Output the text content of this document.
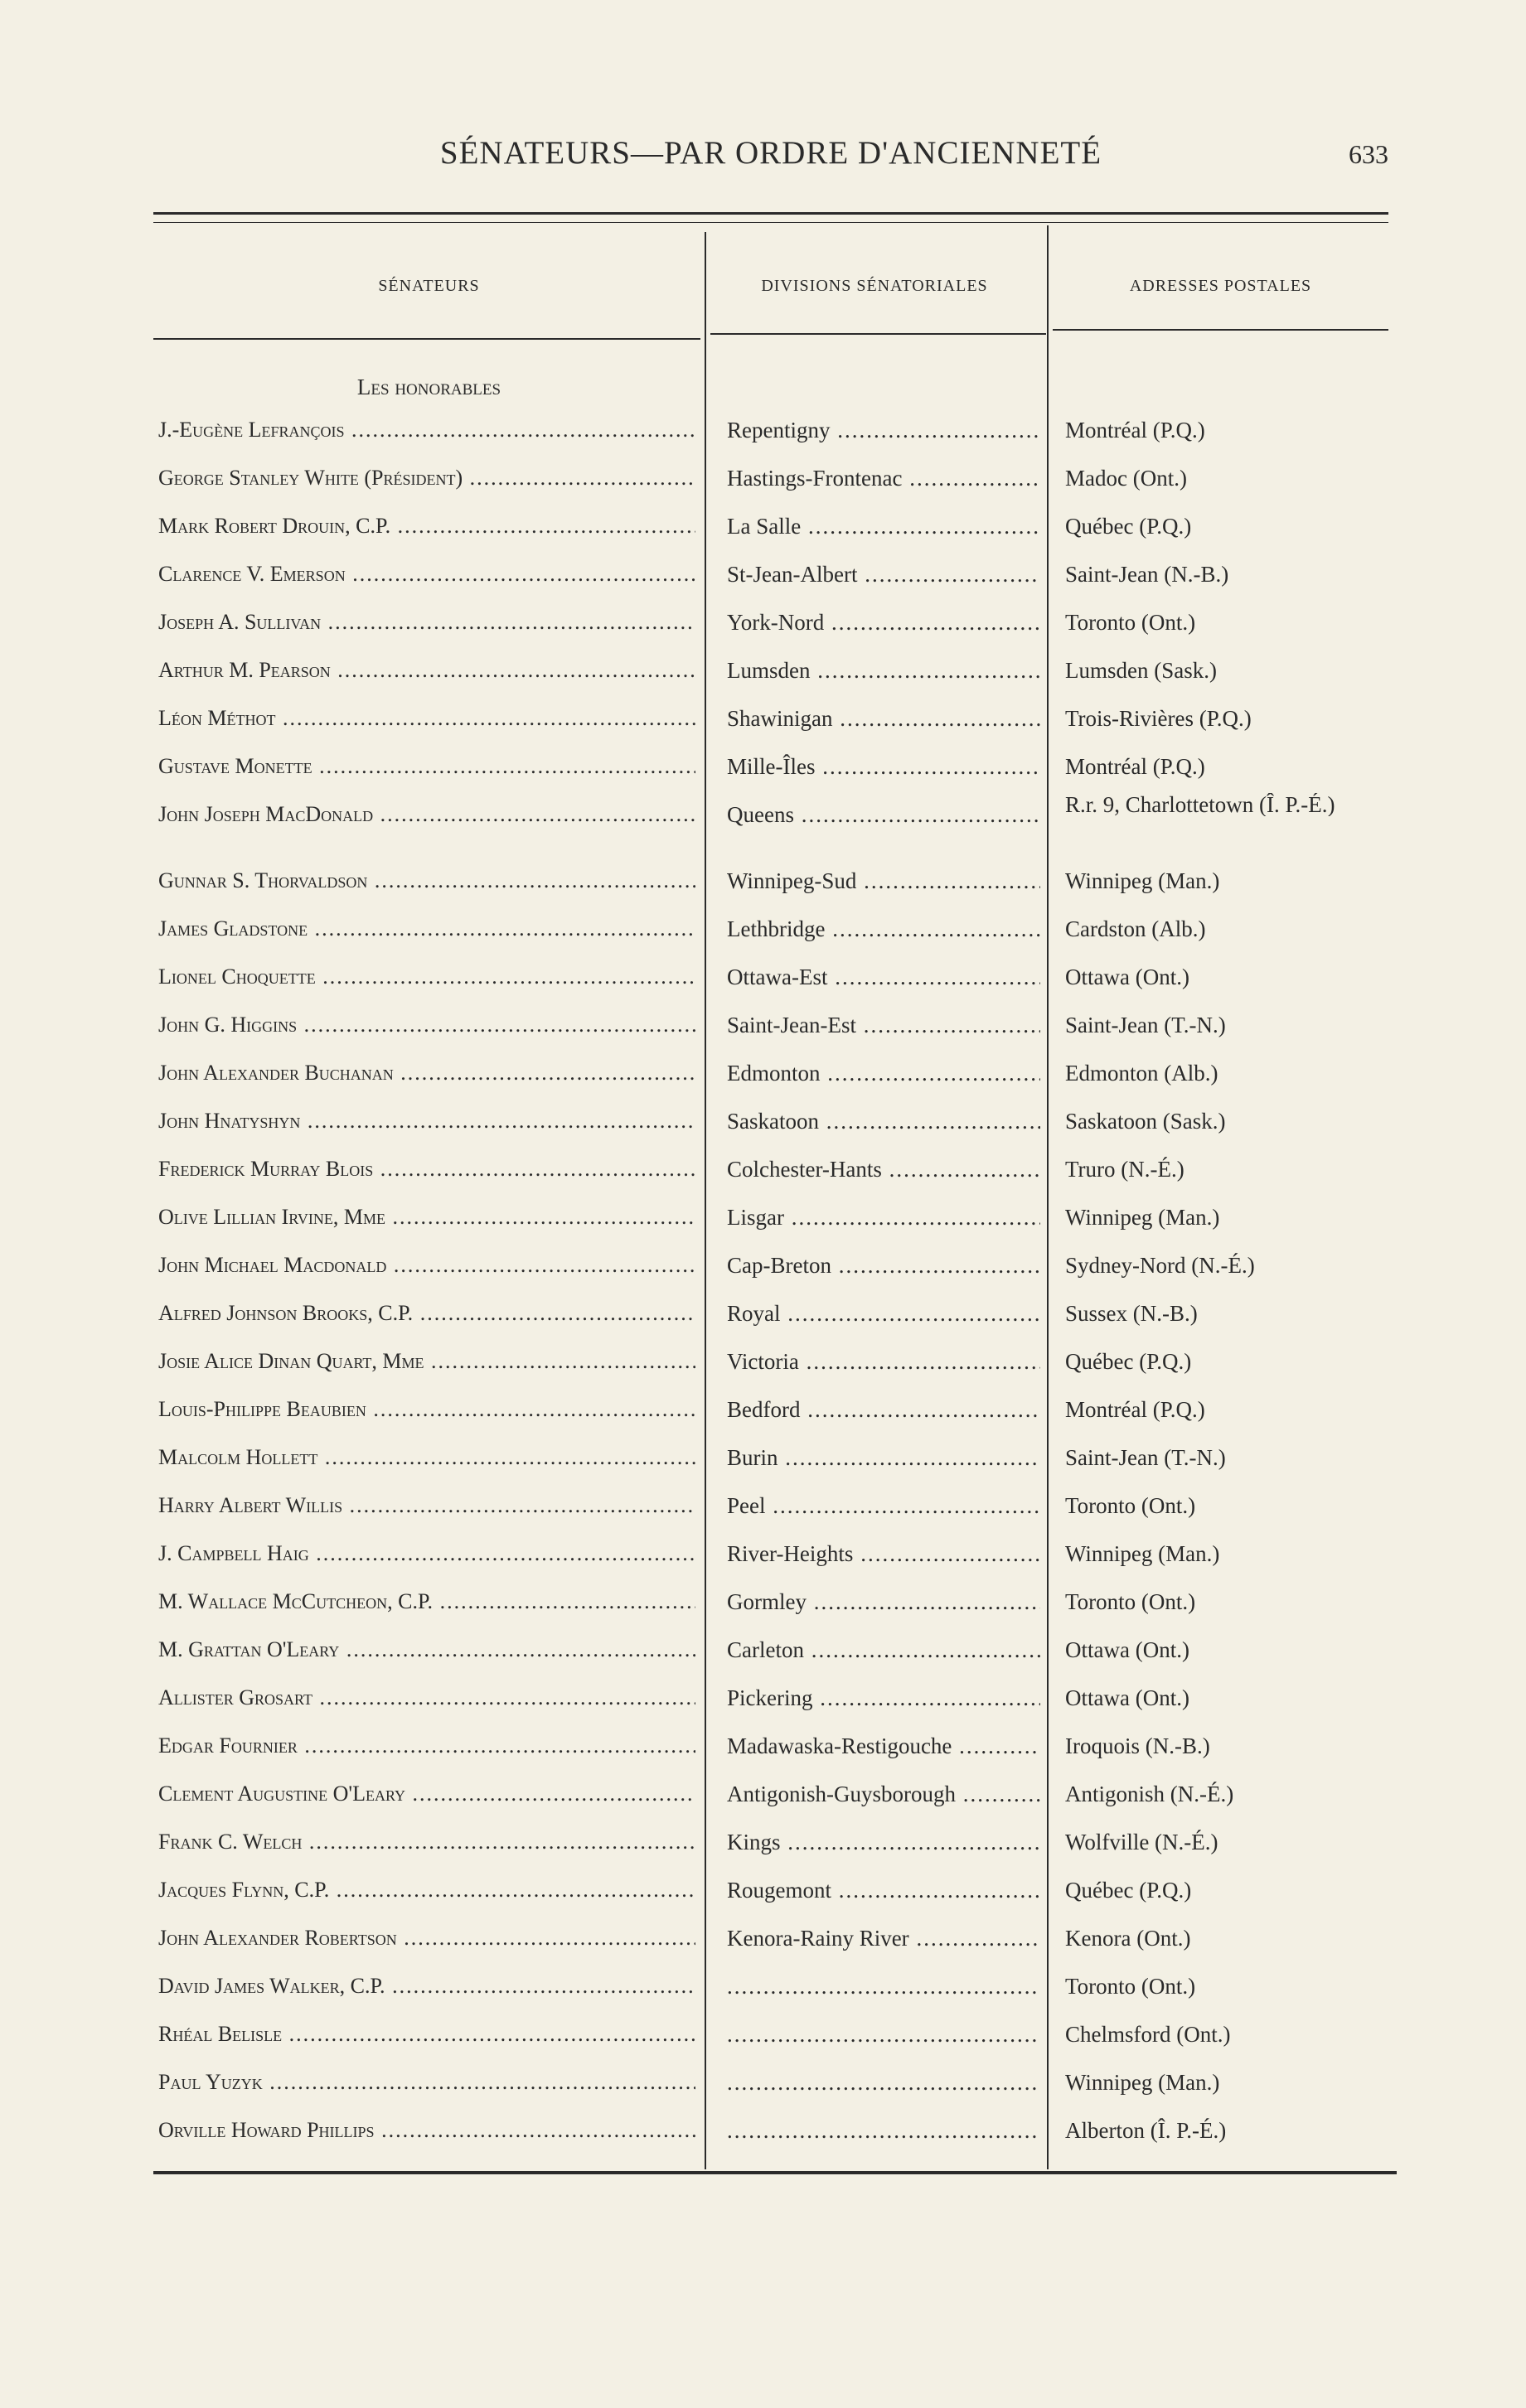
SÉNATEURS—PAR ORDRE D'ANCIENNETÉ	633
SÉNATEURS	DIVISIONS SÉNATORIALES	ADRESSES POSTALES
Les honorables
J.-Eugène Lefrançois .....	Repentigny .....	Montréal (P.Q.)
George Stanley White (Président) .....	Hastings-Frontenac .....	Madoc (Ont.)
Mark Robert Drouin, C.P. .....	La Salle .....	Québec (P.Q.)
Clarence V. Emerson .....	St-Jean-Albert .....	Saint-Jean (N.-B.)
Joseph A. Sullivan .....	York-Nord .....	Toronto (Ont.)
Arthur M. Pearson .....	Lumsden .....	Lumsden (Sask.)
Léon Méthot .....	Shawinigan .....	Trois-Rivières (P.Q.)
Gustave Monette .....	Mille-Îles .....	Montréal (P.Q.)
John Joseph MacDonald .....	Queens .....	R.r. 9, Charlottetown (Î. P.-É.)
Gunnar S. Thorvaldson .....	Winnipeg-Sud .....	Winnipeg (Man.)
James Gladstone .....	Lethbridge .....	Cardston (Alb.)
Lionel Choquette .....	Ottawa-Est .....	Ottawa (Ont.)
John G. Higgins .....	Saint-Jean-Est .....	Saint-Jean (T.-N.)
John Alexander Buchanan .....	Edmonton .....	Edmonton (Alb.)
John Hnatyshyn .....	Saskatoon .....	Saskatoon (Sask.)
Frederick Murray Blois .....	Colchester-Hants .....	Truro (N.-É.)
Olive Lillian Irvine, Mme .....	Lisgar .....	Winnipeg (Man.)
John Michael Macdonald .....	Cap-Breton .....	Sydney-Nord (N.-É.)
Alfred Johnson Brooks, C.P. .....	Royal .....	Sussex (N.-B.)
Josie Alice Dinan Quart, Mme .....	Victoria .....	Québec (P.Q.)
Louis-Philippe Beaubien .....	Bedford .....	Montréal (P.Q.)
Malcolm Hollett .....	Burin .....	Saint-Jean (T.-N.)
Harry Albert Willis .....	Peel .....	Toronto (Ont.)
J. Campbell Haig .....	River-Heights .....	Winnipeg (Man.)
M. Wallace McCutcheon, C.P. .....	Gormley .....	Toronto (Ont.)
M. Grattan O'Leary .....	Carleton .....	Ottawa (Ont.)
Allister Grosart .....	Pickering .....	Ottawa (Ont.)
Edgar Fournier .....	Madawaska-Restigouche .....	Iroquois (N.-B.)
Clement Augustine O'Leary .....	Antigonish-Guysborough .....	Antigonish (N.-É.)
Frank C. Welch .....	Kings .....	Wolfville (N.-É.)
Jacques Flynn, C.P. .....	Rougemont .....	Québec (P.Q.)
John Alexander Robertson .....	Kenora-Rainy River .....	Kenora (Ont.)
David James Walker, C.P. ..... .....	Toronto (Ont.)
Rhéal Belisle ..... .....	Chelmsford (Ont.)
Paul Yuzyk ..... .....	Winnipeg (Man.)
Orville Howard Phillips ..... .....	Alberton (Î. P.-É.)
